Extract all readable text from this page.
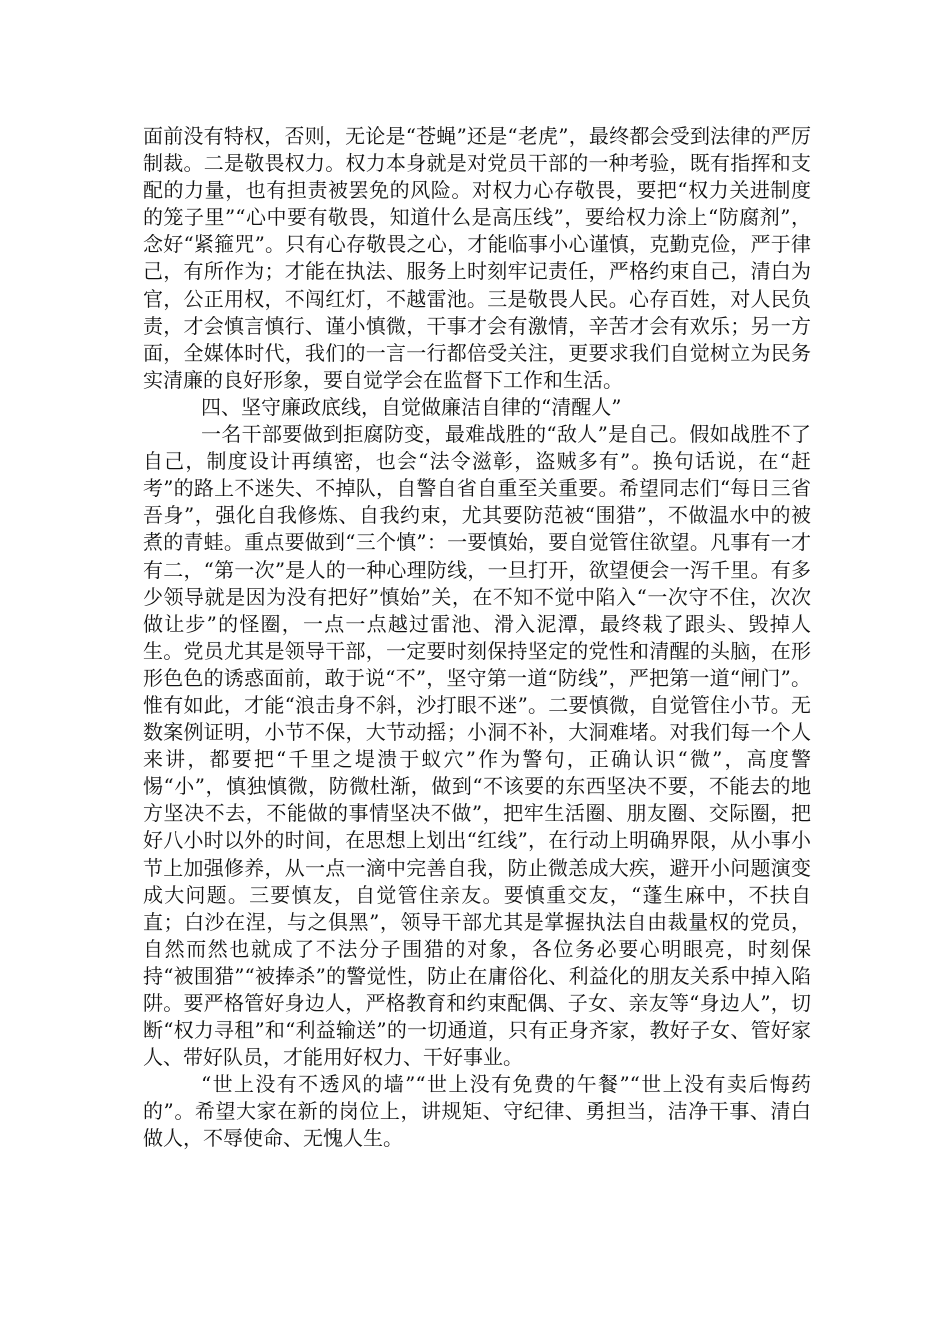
面前没有特权，否则，无论是“苍蝇”还是“老虎”，最终都会受到法律的严厉制裁。二是敬畏权力。权力本身就是对党员干部的一种考验，既有指挥和支配的力量，也有担责被罢免的风险。对权力心存敬畏，要把“权力关进制度的笼子里”“心中要有敬畏，知道什么是高压线”，要给权力涂上“防腐剂”，念好“紧箍咒”。只有心存敬畏之心，才能临事小心谨慎，克勤克俭，严于律己，有所作为；才能在执法、服务上时刻牢记责任，严格约束自己，清白为官，公正用权，不闯红灯，不越雷池。三是敬畏人民。心存百姓，对人民负责，才会慎言慎行、谨小慎微，干事才会有激情，辛苦才会有欢乐；另一方面，全媒体时代，我们的一言一行都倍受关注，更要求我们自觉树立为民务实清廉的良好形象，要自觉学会在监督下工作和生活。

四、坚守廉政底线，自觉做廉洁自律的“清醒人”

一名干部要做到拒腐防变，最难战胜的“敌人”是自己。假如战胜不了自己，制度设计再缜密，也会“法令滋彰，盗贼多有”。换句话说，在“赶考”的路上不迷失、不掉队，自警自省自重至关重要。希望同志们“每日三省吾身”，强化自我修炼、自我约束，尤其要防范被“围猎”，不做温水中的被煮的青蛙。重点要做到“三个慎”：一要慎始，要自觉管住欲望。凡事有一才有二，“第一次”是人的一种心理防线，一旦打开，欲望便会一泻千里。有多少领导就是因为没有把好”慎始”关，在不知不觉中陷入“一次守不住，次次做让步”的怪圈，一点一点越过雷池、滑入泥潭，最终栽了跟头、毁掉人生。党员尤其是领导干部，一定要时刻保持坚定的党性和清醒的头脑，在形形色色的诱惑面前，敢于说“不”，坚守第一道“防线”，严把第一道“闸门”。惟有如此，才能“浪击身不斜，沙打眼不迷”。二要慎微，自觉管住小节。无数案例证明，小节不保，大节动摇；小洞不补，大洞难堵。对我们每一个人来讲，都要把“千里之堤溃于蚁穴”作为警句，正确认识“微”，高度警惕“小”，慎独慎微，防微杜渐，做到“不该要的东西坚决不要，不能去的地方坚决不去，不能做的事情坚决不做”，把牢生活圈、朋友圈、交际圈，把好八小时以外的时间，在思想上划出“红线”，在行动上明确界限，从小事小节上加强修养，从一点一滴中完善自我，防止微恙成大疾，避开小问题演变成大问题。三要慎友，自觉管住亲友。要慎重交友，“蓬生麻中，不扶自直；白沙在涅，与之俱黑”，领导干部尤其是掌握执法自由裁量权的党员，自然而然也就成了不法分子围猎的对象，各位务必要心明眼亮，时刻保持“被围猎”“被捧杀”的警觉性，防止在庸俗化、利益化的朋友关系中掉入陷阱。要严格管好身边人，严格教育和约束配偶、子女、亲友等“身边人”，切断“权力寻租”和“利益输送”的一切通道，只有正身齐家，教好子女、管好家人、带好队员，才能用好权力、干好事业。

“世上没有不透风的墙”“世上没有免费的午餐”“世上没有卖后悔药的”。希望大家在新的岗位上，讲规矩、守纪律、勇担当，洁净干事、清白做人，不辱使命、无愧人生。
